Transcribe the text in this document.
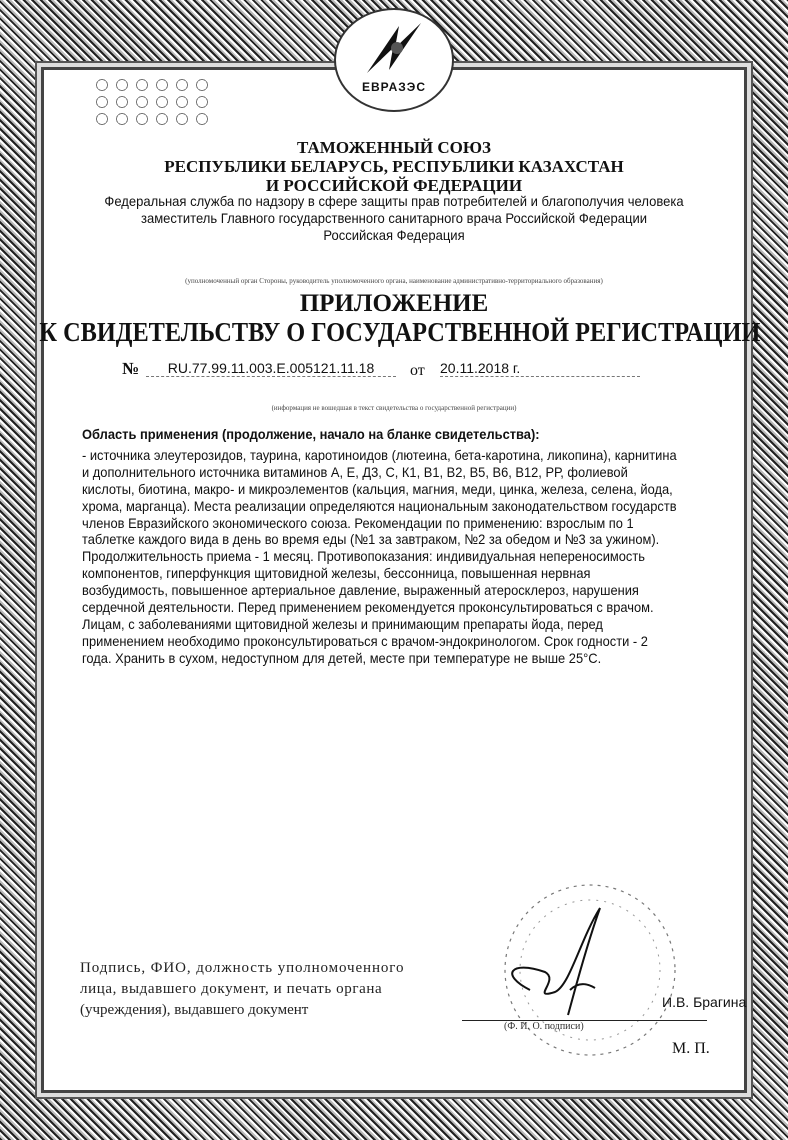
ЕВРАЗЭС
ТАМОЖЕННЫЙ СОЮЗ
РЕСПУБЛИКИ БЕЛАРУСЬ, РЕСПУБЛИКИ КАЗАХСТАН
И РОССИЙСКОЙ ФЕДЕРАЦИИ
Федеральная служба по надзору в сфере защиты прав потребителей и благополучия человека
заместитель Главного государственного санитарного врача Российской Федерации
Российская Федерация
(уполномоченный орган Стороны, руководитель уполномоченного органа, наименование административно-территориального образования)
ПРИЛОЖЕНИЕ
К СВИДЕТЕЛЬСТВУ О ГОСУДАРСТВЕННОЙ РЕГИСТРАЦИИ
№	RU.77.99.11.003.E.005121.11.18	от 20.11.2018 г.
(информация не вошедшая в текст свидетельства о государственной регистрации)
Область применения (продолжение, начало на бланке свидетельства):
- источника элеутерозидов, таурина, каротиноидов (лютеина, бета-каротина, ликопина), карнитина
и дополнительного источника витаминов А, Е, Д3, С, К1, В1, В2, В5, В6, В12, РР, фолиевой
кислоты, биотина, макро- и микроэлементов (кальция, магния, меди, цинка, железа, селена, йода,
хрома, марганца). Места реализации определяются национальным законодательством государств
членов Евразийского экономического союза. Рекомендации по применению: взрослым по 1
таблетке каждого вида в день во время еды (№1 за завтраком, №2 за обедом и №3 за ужином).
Продолжительность приема - 1 месяц. Противопоказания: индивидуальная непереносимость
компонентов, гиперфункция щитовидной железы, бессонница, повышенная нервная
возбудимость, повышенное артериальное давление, выраженный атеросклероз, нарушения
сердечной деятельности. Перед применением рекомендуется проконсультироваться с врачом.
Лицам, с заболеваниями щитовидной железы и принимающим препараты йода, перед
применением необходимо проконсультироваться с врачом-эндокринологом. Срок годности - 2
года. Хранить в сухом, недоступном для детей, месте при температуре не выше 25°С.
Подпись, ФИО, должность уполномоченного
лица, выдавшего документ, и печать органа
(учреждения), выдавшего документ	И.В. Брагина
(Ф. И. О. подписи)
М. П.
